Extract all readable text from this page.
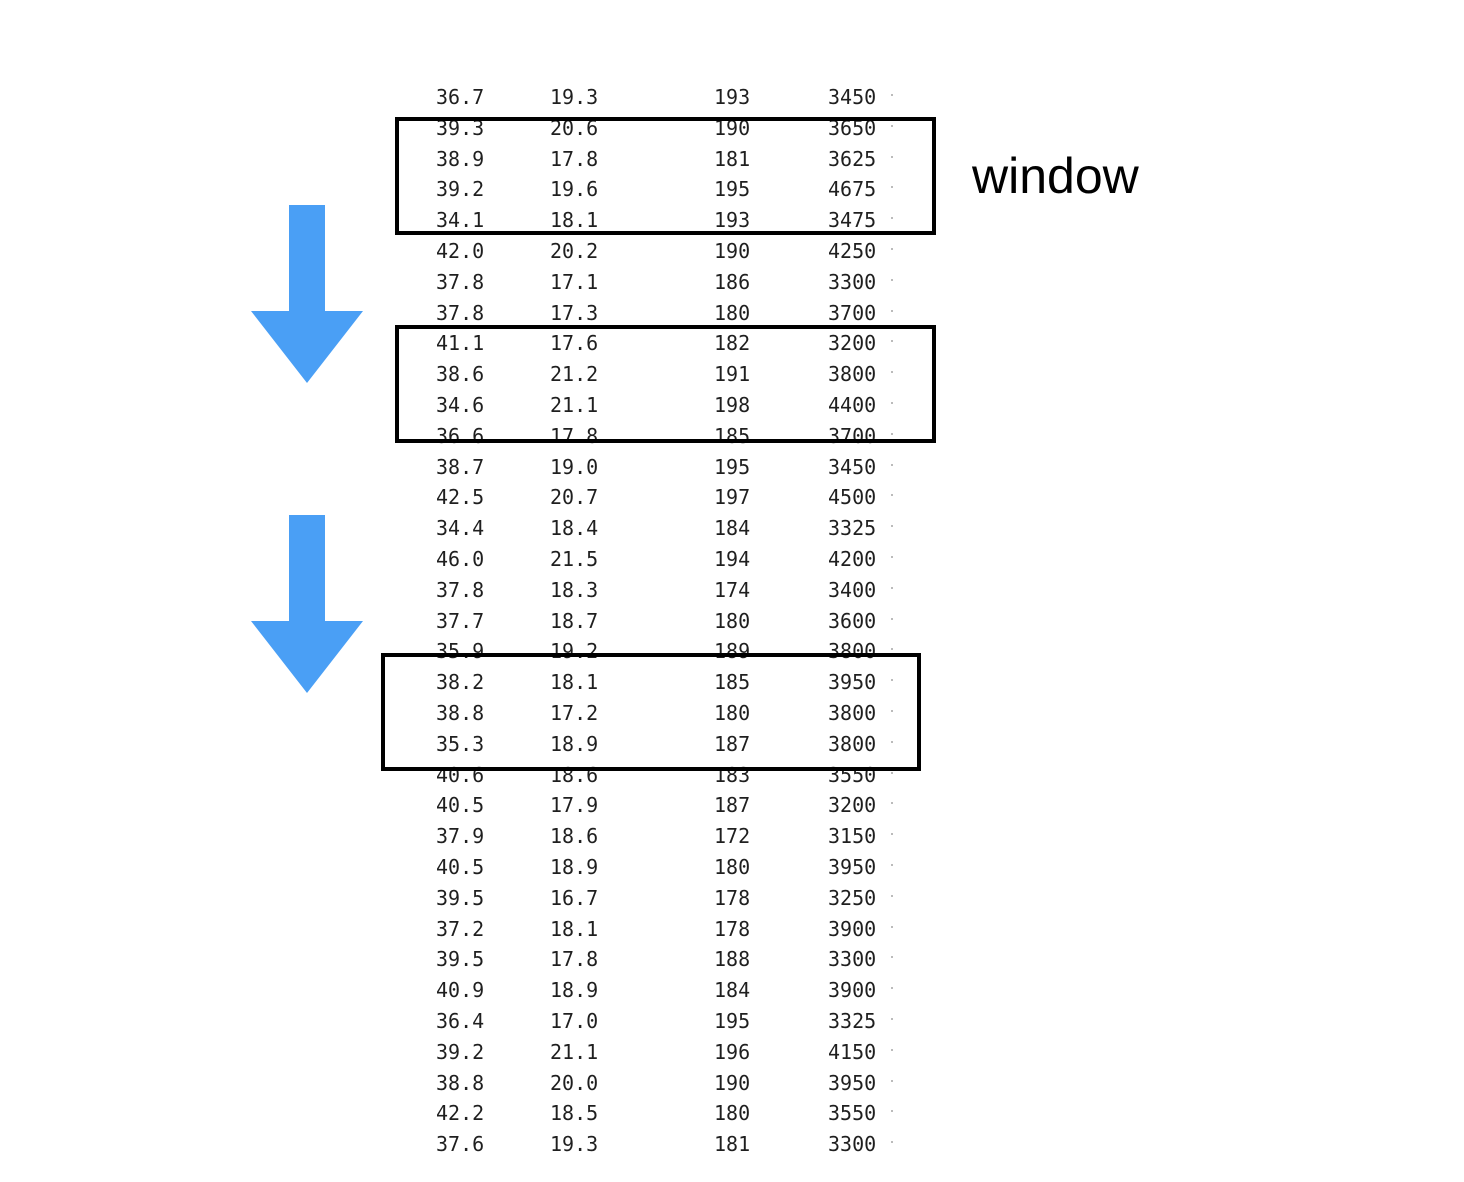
36.7	19.3	193	3450
39.3	20.6	190	3650
38.9	17.8	181	3625
39.2	19.6	195	4675
34.1	18.1	193	3475
42.0	20.2	190	4250
37.8	17.1	186	3300
37.8	17.3	180	3700
41.1	17.6	182	3200
38.6	21.2	191	3800
34.6	21.1	198	4400
36.6	17.8	185	3700
38.7	19.0	195	3450
42.5	20.7	197	4500
34.4	18.4	184	3325
46.0	21.5	194	4200
37.8	18.3	174	3400
37.7	18.7	180	3600
35.9	19.2	189	3800
38.2	18.1	185	3950
38.8	17.2	180	3800
35.3	18.9	187	3800
40.6	18.6	183	3550
40.5	17.9	187	3200
37.9	18.6	172	3150
40.5	18.9	180	3950
39.5	16.7	178	3250
37.2	18.1	178	3900
39.5	17.8	188	3300
40.9	18.9	184	3900
36.4	17.0	195	3325
39.2	21.1	196	4150
38.8	20.0	190	3950
42.2	18.5	180	3550
37.6	19.3	181	3300
window
